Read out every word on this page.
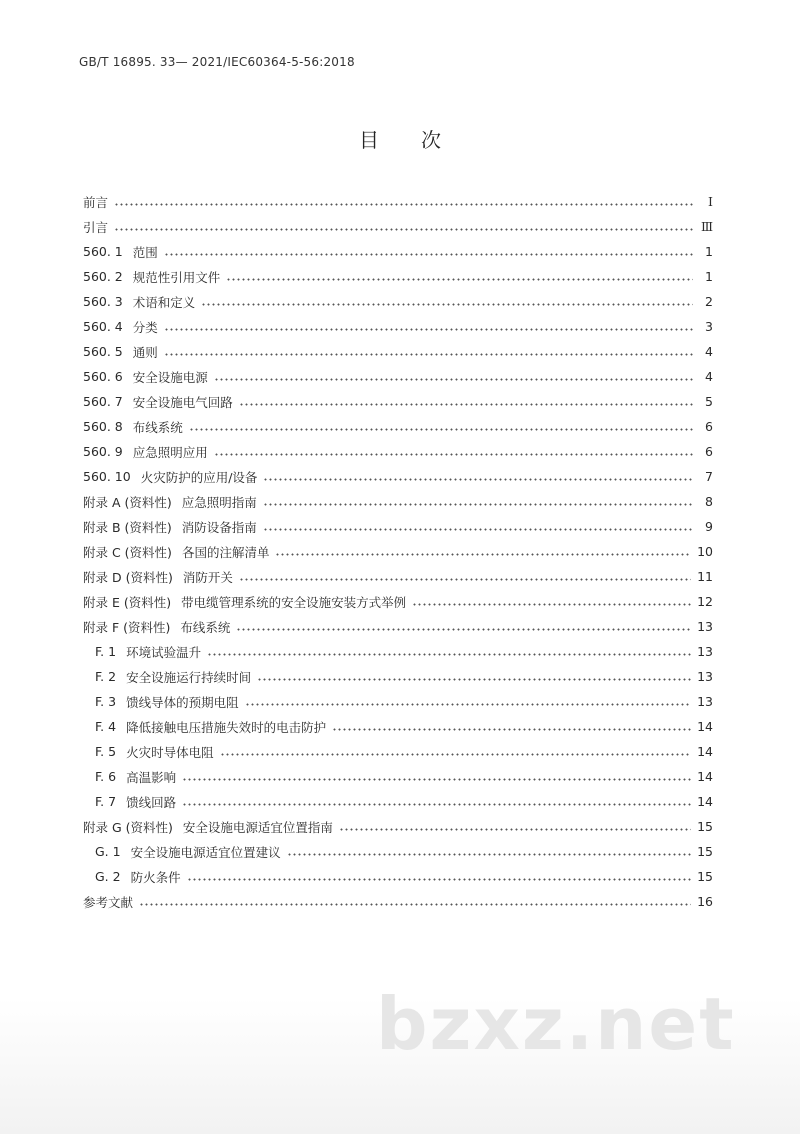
GB/T 16895. 33— 2021/IEC60364-5-56:2018
目 次
前言	I
引言	Ⅲ
560. 1 范围	1
560. 2 规范性引用文件	1
560. 3 术语和定义	2
560. 4 分类	3
560. 5 通则	4
560. 6 安全设施电源	4
560. 7 安全设施电气回路	5
560. 8 布线系统	6
560. 9 应急照明应用	6
560. 10 火灾防护的应用/设备	7
附录 A (资料性) 应急照明指南	8
附录 B (资料性) 消防设备指南	9
附录 C (资料性) 各国的注解清单	10
附录 D (资料性) 消防开关	11
附录 E (资料性) 带电缆管理系统的安全设施安装方式举例	12
附录 F (资料性) 布线系统	13
F. 1 环境试验温升	13
F. 2 安全设施运行持续时间	13
F. 3 馈线导体的预期电阻	13
F. 4 降低接触电压措施失效时的电击防护	14
F. 5 火灾时导体电阻	14
F. 6 高温影响	14
F. 7 馈线回路	14
附录 G (资料性) 安全设施电源适宜位置指南	15
G. 1 安全设施电源适宜位置建议	15
G. 2 防火条件	15
参考文献	16
bzxz.net
